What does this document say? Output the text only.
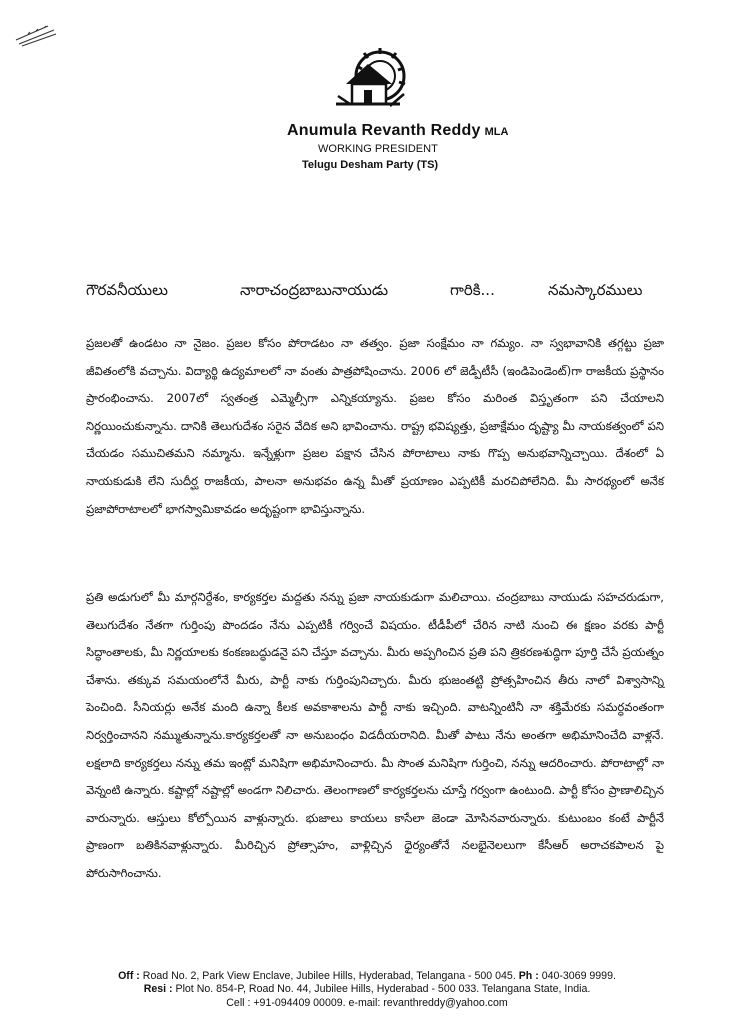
Anumula Revanth Reddy MLA
WORKING PRESIDENT
Telugu Desham Party (TS)
గౌరవనీయులు	నారాచంద్రబాబునాయుడు	గారికి...	నమస్కారములు
ప్రజలతో ఉండటం నా నైజం. ప్రజల కోసం పోరాడటం నా తత్వం. ప్రజా సంక్షేమం నా గమ్యం. నా స్వభావానికి తగ్గట్టు ప్రజా జీవితంలోకి వచ్చాను. విద్యార్థి ఉద్యమాలలో నా వంతు పాత్రపోషించాను. 2006 లో జెడ్పీటీసీ (ఇండిపెండెంట్)గా రాజకీయ ప్రస్థానం ప్రారంభించాను. 2007లో స్వతంత్ర ఎమ్మెల్సీగా ఎన్నికయ్యాను. ప్రజల కోసం మరింత విస్తృతంగా పని చేయాలని నిర్ణయించుకున్నాను. దానికి తెలుగుదేశం సరైన వేదిక అని భావించాను. రాష్ట్ర భవిష్యత్తు, ప్రజాక్షేమం దృష్ట్యా మీ నాయకత్వంలో పని చేయడం సముచితమని నమ్మాను. ఇన్నేళ్లుగా ప్రజల పక్షాన చేసిన పోరాటాలు నాకు గొప్ప అనుభవాన్నిచ్చాయి. దేశంలో ఏ నాయకుడుకి లేని సుదీర్ఘ రాజకీయ, పాలనా అనుభవం ఉన్న మీతో ప్రయాణం ఎప్పటికీ మరచిపోలేనిది. మీ సారథ్యంలో అనేక ప్రజాపోరాటాలలో భాగస్వామికావడం అదృష్టంగా భావిస్తున్నాను.
ప్రతి అడుగులో మీ మార్గనిర్దేశం, కార్యకర్తల మద్దతు నన్ను ప్రజా నాయకుడుగా మలిచాయి. చంద్రబాబు నాయుడు సహచరుడుగా, తెలుగుదేశం నేతగా గుర్తింపు పొందడం నేను ఎప్పటికీ గర్వించే విషయం. టీడీపీలో చేరిన నాటి నుంచి ఈ క్షణం వరకు పార్టీ సిద్ధాంతాలకు, మీ నిర్ణయాలకు కంకణబద్ధుడనై పని చేస్తూ వచ్చాను. మీరు అప్పగించిన ప్రతి పని త్రికరణశుద్ధిగా పూర్తి చేసే ప్రయత్నం చేశాను. తక్కువ సమయంలోనే మీరు, పార్టీ నాకు గుర్తింపునిచ్చారు. మీరు భుజంతట్టి ప్రోత్సహించిన తీరు నాలో విశ్వాసాన్ని పెంచింది. సీనియర్లు అనేక మంది ఉన్నా కీలక అవకాశాలను పార్టీ నాకు ఇచ్చింది. వాటన్నింటినీ నా శక్తిమేరకు సమర్ధవంతంగా నిర్వర్తించానని నమ్ముతున్నాను.కార్యకర్తలతో నా అనుబంధం విడదీయరానిది. మీతో పాటు నేను అంతగా అభిమానించేది వాళ్లనే. లక్షలాది కార్యకర్తలు నన్ను తమ ఇంట్లో మనిషిగా అభిమానించారు. మీ సొంత మనిషిగా గుర్తించి, నన్ను ఆదరించారు. పోరాటాల్లో నా వెన్నంటి ఉన్నారు. కష్టాల్లో నష్టాల్లో అండగా నిలిచారు. తెలంగాణలో కార్యకర్తలను చూస్తే గర్వంగా ఉంటుంది. పార్టీ కోసం ప్రాణాలిచ్చిన వారున్నారు. ఆస్తులు కోల్పోయిన వాళ్లున్నారు. భుజాలు కాయలు కాసేలా జెండా మోసినవారున్నారు. కుటుంబం కంటే పార్టీనే ప్రాణంగా బతికినవాళ్లున్నారు. మీరిచ్చిన ప్రోత్సాహం, వాళ్లిచ్చిన ధైర్యంతోనే నలభైనెలలుగా కేసీఆర్ అరాచకపాలన పై పోరుసాగించాను.
Off : Road No. 2, Park View Enclave, Jubilee Hills, Hyderabad, Telangana - 500 045. Ph : 040-3069 9999.
Resi : Plot No. 854-P, Road No. 44, Jubilee Hills, Hyderabad - 500 033. Telangana State, India.
Cell : +91-094409 00009. e-mail: revanthreddy@yahoo.com
